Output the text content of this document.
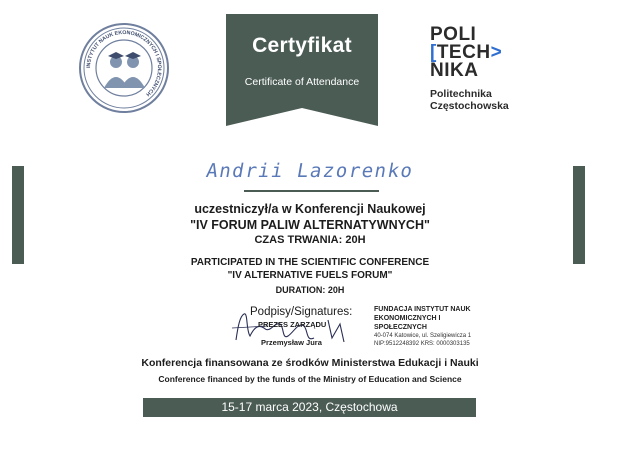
INSTYTUT NAUK EKONOMICZNYCH I SPOŁECZNYCH
Certyfikat
Certificate of Attendance
POLI
[TECH>
NIKA
Politechnika
Częstochowska
Andrii Lazorenko
uczestniczył/a w Konferencji Naukowej
"IV FORUM PALIW ALTERNATYWNYCH"
CZAS TRWANIA: 20H
PARTICIPATED IN THE SCIENTIFIC CONFERENCE
"IV ALTERNATIVE FUELS FORUM"
DURATION: 20H
Podpisy/Signatures:
PREZES ZARZĄDU
Przemysław Jura
FUNDACJA INSTYTUT NAUK
EKONOMICZNYCH I SPOŁECZNYCH
40-074 Katowice, ul. Szeligiewicza 1
NIP:9512248392 KRS: 0000303135
Konferencja finansowana ze środków Ministerstwa Edukacji i Nauki
Conference financed by the funds of the Ministry of Education and Science
15-17 marca 2023, Częstochowa
